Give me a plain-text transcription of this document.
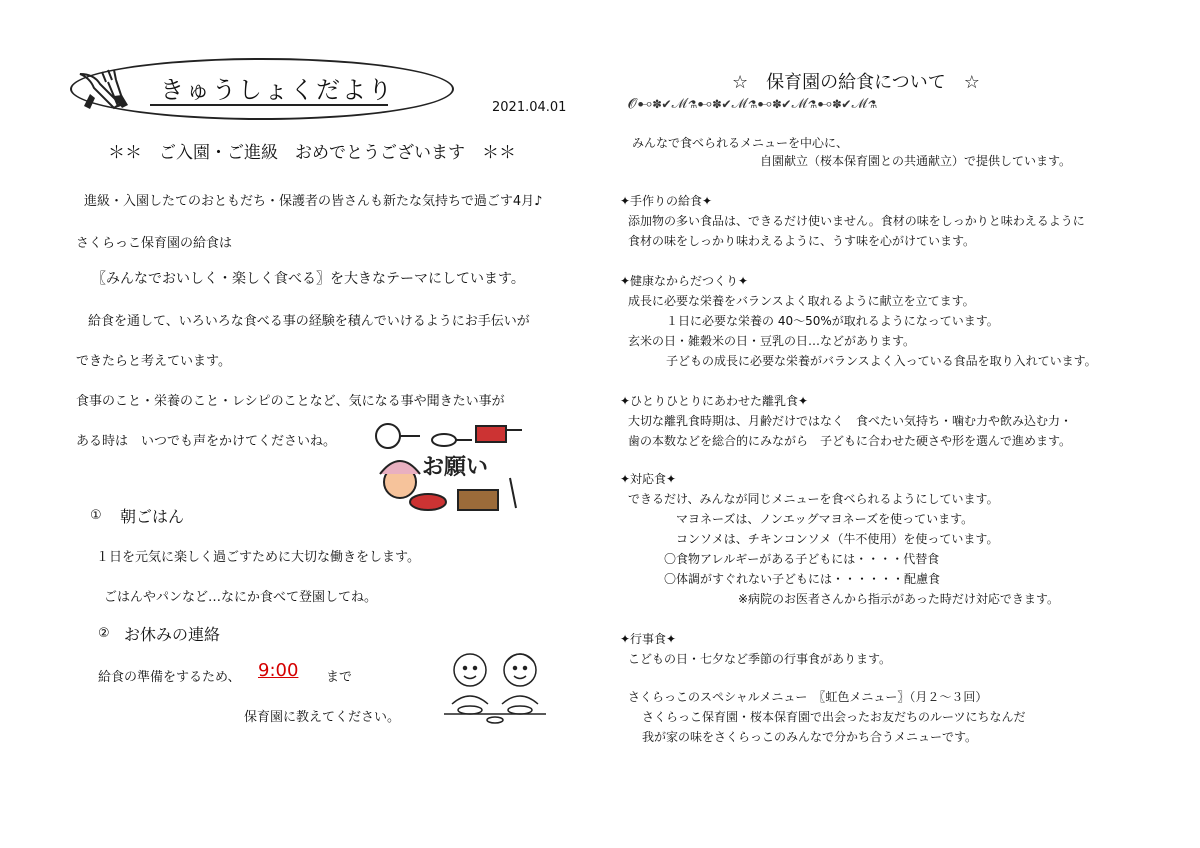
きゅうしょくだより
2021.04.01
＊＊　ご入園・ご進級　おめでとうございます　＊＊
進級・入園したてのおともだち・保護者の皆さんも新たな気持ちで過ごす4月♪
さくらっこ保育園の給食は
〖みんなでおいしく・楽しく食べる〗を大きなテーマにしています。
給食を通して、いろいろな食べる事の経験を積んでいけるようにお手伝いが
できたらと考えています。
食事のこと・栄養のこと・レシピのことなど、気になる事や聞きたい事が
ある時は　いつでも声をかけてくださいね。
お願い
① 朝ごはん
１日を元気に楽しく過ごすために大切な働きをします。
ごはんやパンなど…なにか食べて登園してね。
② お休みの連絡
給食の準備をするため、 9:00 まで
保育園に教えてください。
☆　保育園の給食について　☆
𝓞⊷✽✔ℳ⚗⊷✽✔ℳ⚗⊷✽✔ℳ⚗⊷✽✔ℳ⚗
みんなで食べられるメニューを中心に、
自園献立（桜本保育園との共通献立）で提供しています。
✦手作りの給食✦
添加物の多い食品は、できるだけ使いません。食材の味をしっかりと味わえるように
食材の味をしっかり味わえるように、うす味を心がけています。
✦健康なからだつくり✦
成長に必要な栄養をバランスよく取れるように献立を立てます。
１日に必要な栄養の 40～50%が取れるようになっています。
玄米の日・雑穀米の日・豆乳の日…などがあります。
子どもの成長に必要な栄養がバランスよく入っている食品を取り入れています。
✦ひとりひとりにあわせた離乳食✦
大切な離乳食時期は、月齢だけではなく　食べたい気持ち・噛む力や飲み込む力・
歯の本数などを総合的にみながら　子どもに合わせた硬さや形を選んで進めます。
✦対応食✦
できるだけ、みんなが同じメニューを食べられるようにしています。
マヨネーズは、ノンエッグマヨネーズを使っています。
コンソメは、チキンコンソメ（牛不使用）を使っています。
〇食物アレルギーがある子どもには・・・・代替食
〇体調がすぐれない子どもには・・・・・・配慮食
※病院のお医者さんから指示があった時だけ対応できます。
✦行事食✦
こどもの日・七夕など季節の行事食があります。
さくらっこのスペシャルメニュー　〖虹色メニュー〗（月２～３回）
さくらっこ保育園・桜本保育園で出会ったお友だちのルーツにちなんだ
我が家の味をさくらっこのみんなで分かち合うメニューです。
